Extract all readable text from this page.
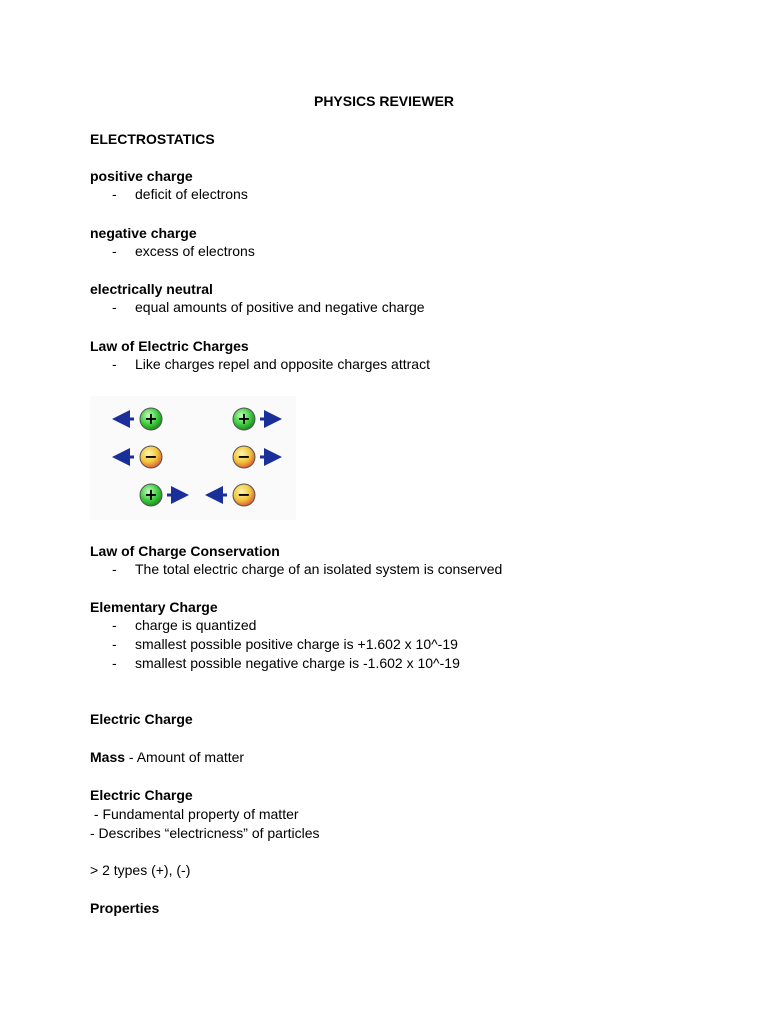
PHYSICS REVIEWER
ELECTROSTATICS
positive charge
- deficit of electrons
negative charge
- excess of electrons
electrically neutral
- equal amounts of positive and negative charge
Law of Electric Charges
- Like charges repel and opposite charges attract
+	+
−	−
+	−
Law of Charge Conservation
- The total electric charge of an isolated system is conserved
Elementary Charge
- charge is quantized
- smallest possible positive charge is +1.602 x 10^-19
- smallest possible negative charge is -1.602 x 10^-19
Electric Charge
Mass - Amount of matter
Electric Charge
- Fundamental property of matter
- Describes “electricness” of particles
> 2 types (+), (-)
Properties
